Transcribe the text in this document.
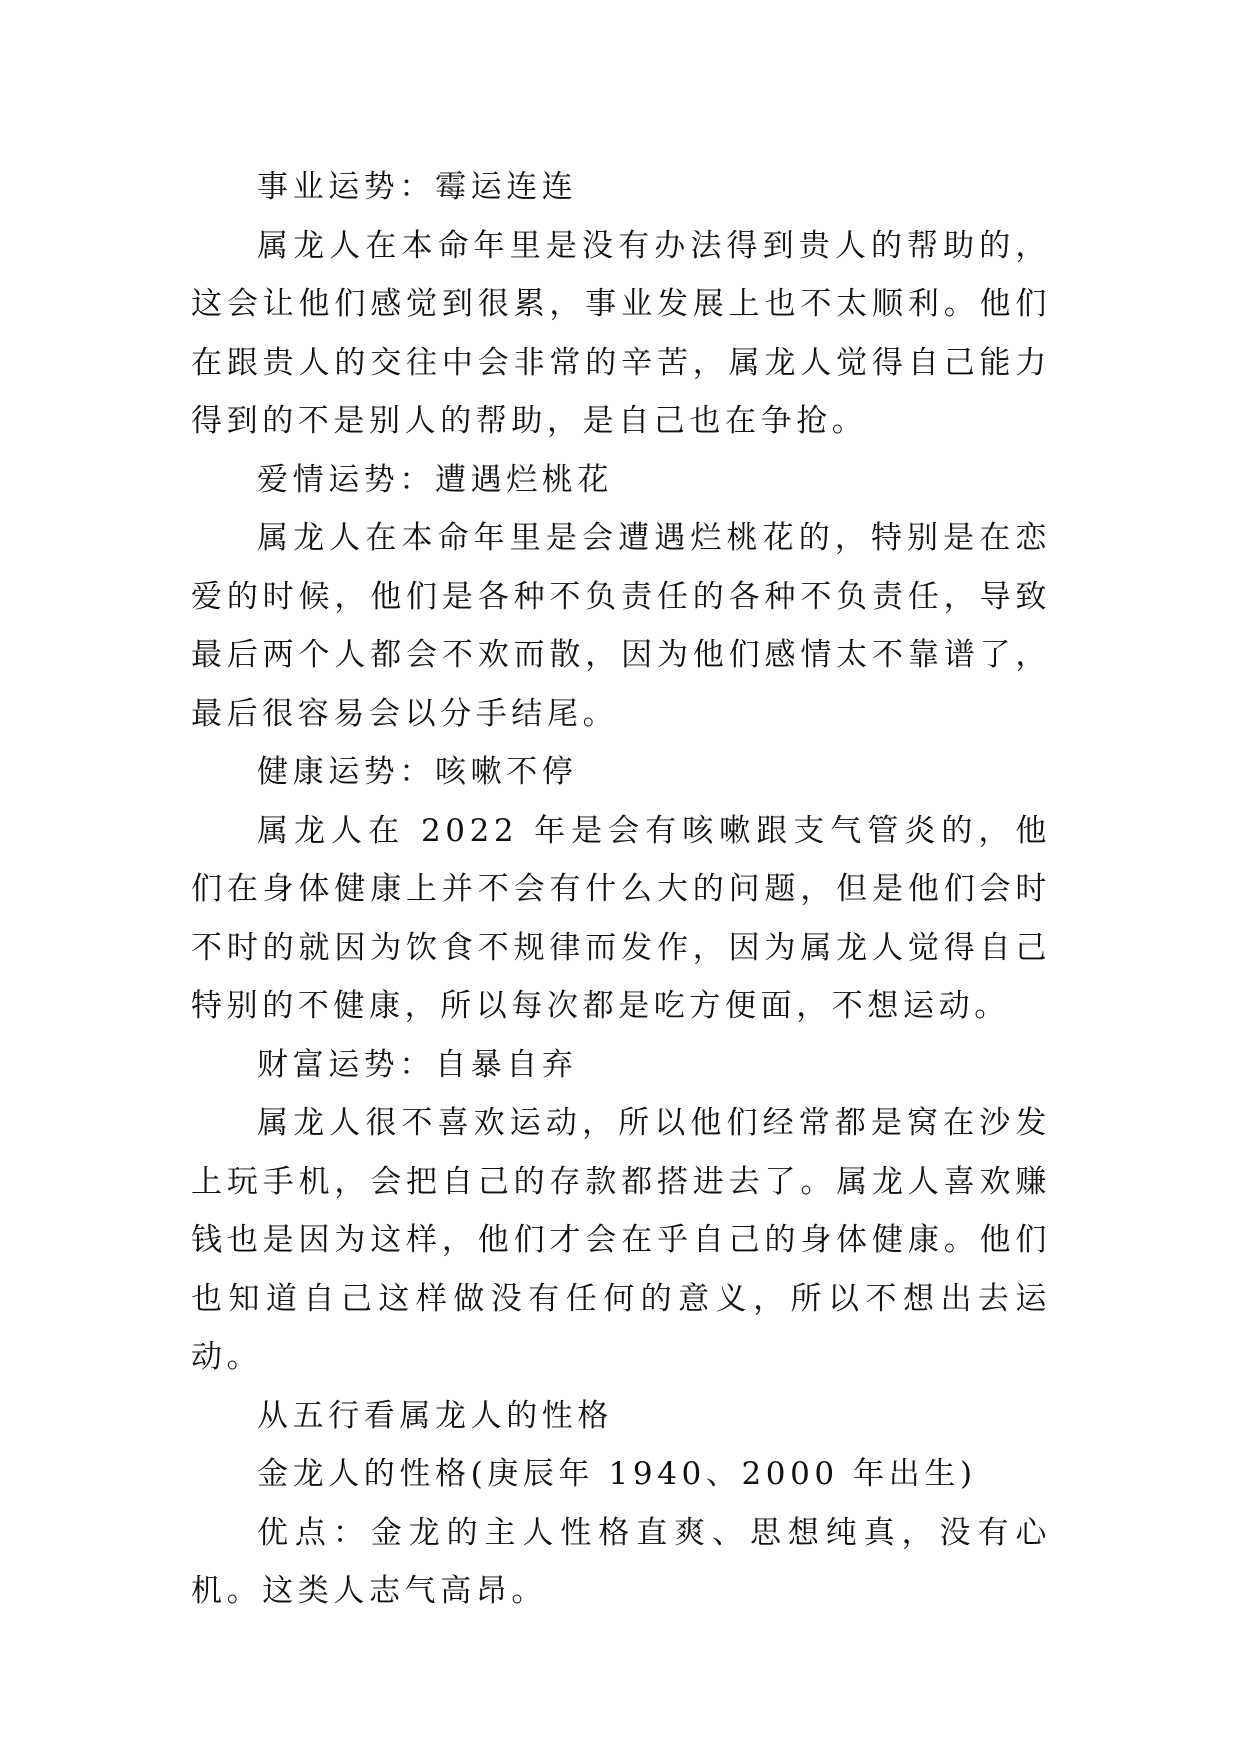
事业运势：霉运连连

属龙人在本命年里是没有办法得到贵人的帮助的，这会让他们感觉到很累，事业发展上也不太顺利。他们在跟贵人的交往中会非常的辛苦，属龙人觉得自己能力得到的不是别人的帮助，是自己也在争抢。

爱情运势：遭遇烂桃花

属龙人在本命年里是会遭遇烂桃花的，特别是在恋爱的时候，他们是各种不负责任的各种不负责任，导致最后两个人都会不欢而散，因为他们感情太不靠谱了，最后很容易会以分手结尾。

健康运势：咳嗽不停

属龙人在 2022 年是会有咳嗽跟支气管炎的，他们在身体健康上并不会有什么大的问题，但是他们会时不时的就因为饮食不规律而发作，因为属龙人觉得自己特别的不健康，所以每次都是吃方便面，不想运动。

财富运势：自暴自弃

属龙人很不喜欢运动，所以他们经常都是窝在沙发上玩手机，会把自己的存款都搭进去了。属龙人喜欢赚钱也是因为这样，他们才会在乎自己的身体健康。他们也知道自己这样做没有任何的意义，所以不想出去运动。

从五行看属龙人的性格

金龙人的性格(庚辰年 1940、2000 年出生)

优点：金龙的主人性格直爽、思想纯真，没有心机。这类人志气高昂。
